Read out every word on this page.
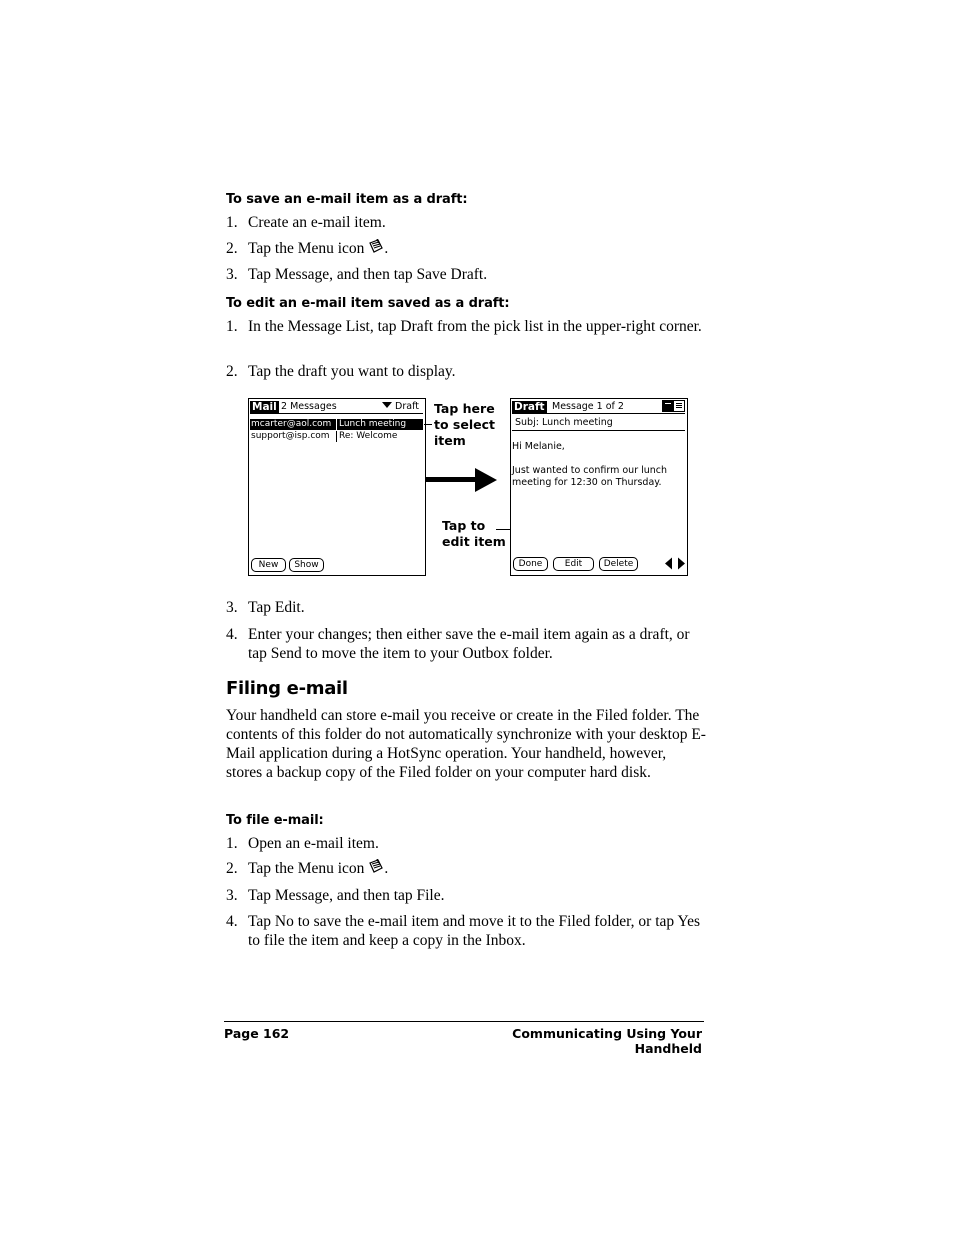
To save an e-mail item as a draft:
1. Create an e-mail item.
2. Tap the Menu icon .
3. Tap Message, and then tap Save Draft.
To edit an e-mail item saved as a draft:
1. In the Message List, tap Draft from the pick list in the upper-right corner.
2. Tap the draft you want to display.
Mail 2 Messages	Draft
mcarter@aol.com Lunch meeting
support@isp.com Re: Welcome
New	Show
Tap here to select item
Tap to edit item
Draft Message 1 of 2
Subj: Lunch meeting
Hi Melanie,
Just wanted to confirm our lunch
meeting for 12:30 on Thursday.
Done	Edit	Delete
3. Tap Edit.
4. Enter your changes; then either save the e-mail item again as a draft, or tap Send to move the item to your Outbox folder.
Filing e-mail
Your handheld can store e-mail you receive or create in the Filed folder. The contents of this folder do not automatically synchronize with your desktop E-Mail application during a HotSync operation. Your handheld, however, stores a backup copy of the Filed folder on your computer hard disk.
To file e-mail:
1. Open an e-mail item.
2. Tap the Menu icon .
3. Tap Message, and then tap File.
4. Tap No to save the e-mail item and move it to the Filed folder, or tap Yes to file the item and keep a copy in the Inbox.
Page 162	Communicating Using Your Handheld
